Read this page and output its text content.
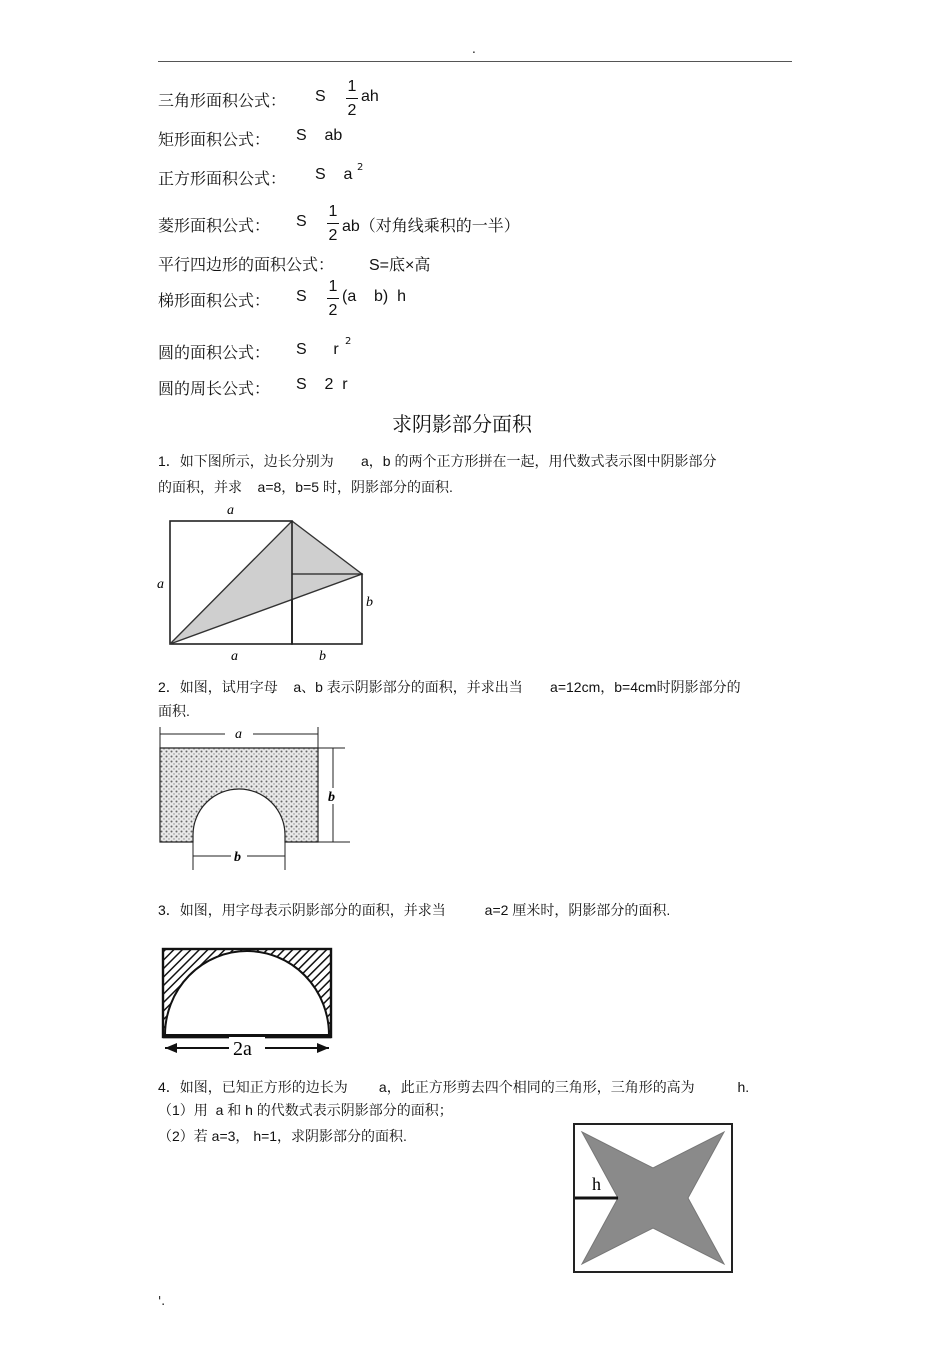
.
三角形面积公式： S
1
2
ah
矩形面积公式： S    ab
正方形面积公式： S    a 2
菱形面积公式： S
1
2
ab（对角线乘积的一半）
平行四边形的面积公式： S=底×高
梯形面积公式： S
1
2
(a    b)  h
圆的面积公式： S      r 2
圆的周长公式： S    2  r
求阴影部分面积
1．如下图所示，边长分别为       a，b 的两个正方形拼在一起，用代数式表示图中阴影部分
的面积，并求    a=8，b=5 时，阴影部分的面积.
a
a
a	b
b
2．如图，试用字母    a、b 表示阴影部分的面积，并求出当       a=12cm，b=4cm时阴影部分的
面积.
a
b
b
3．如图，用字母表示阴影部分的面积，并求当          a=2 厘米时，阴影部分的面积.
2a
4．如图，已知正方形的边长为        a，此正方形剪去四个相同的三角形，三角形的高为           h.
（1）用  a 和 h 的代数式表示阴影部分的面积；
（2）若 a=3， h=1，求阴影部分的面积.
h
'.
